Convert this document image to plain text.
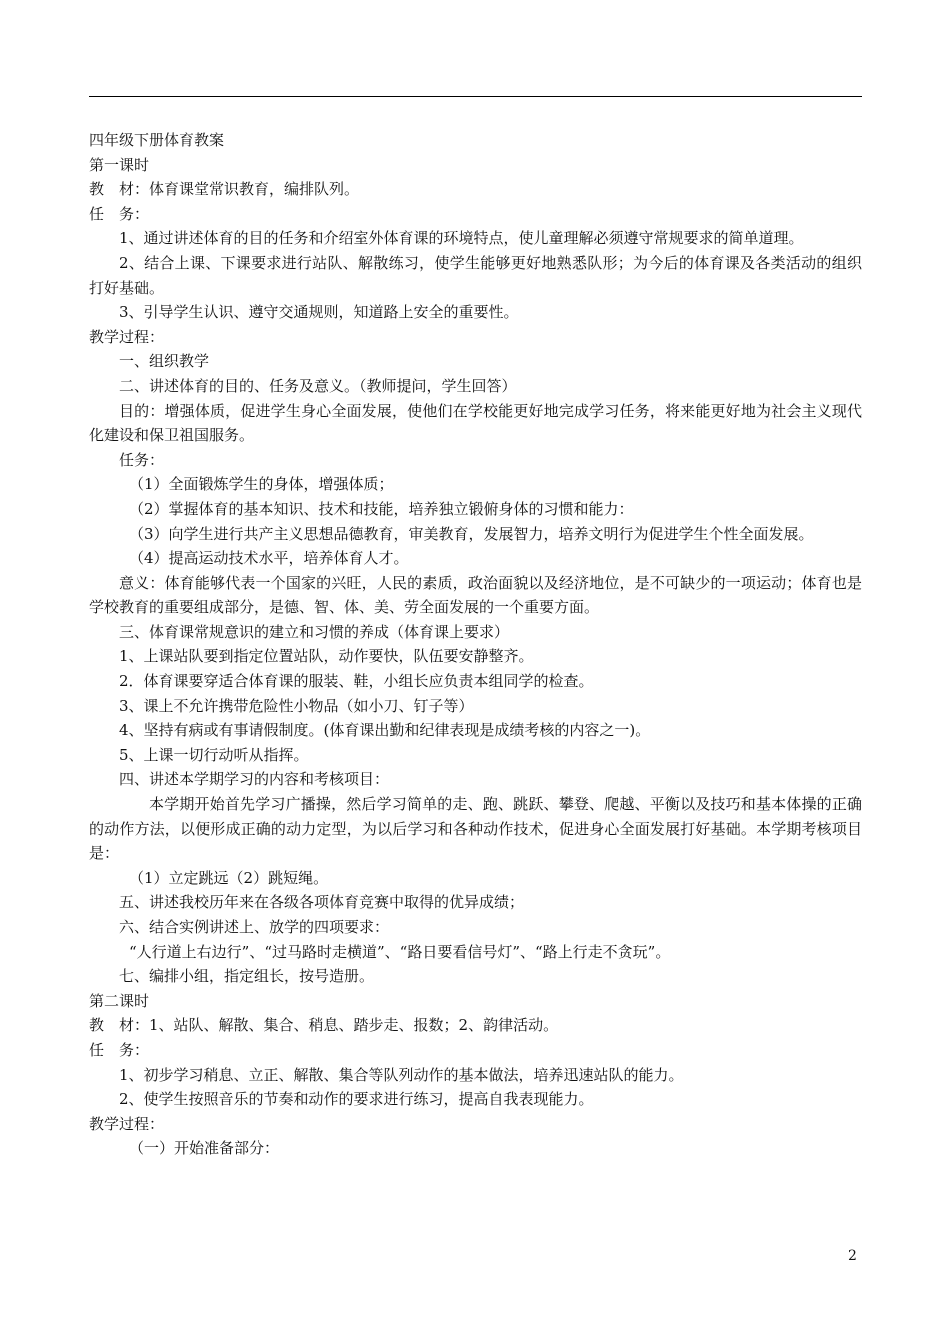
四年级下册体育教案

第一课时

教　材：体育课堂常识教育，编排队列。

任　务：

1、通过讲述体育的目的任务和介绍室外体育课的环境特点，使儿童理解必须遵守常规要求的简单道理。

2、结合上课、下课要求进行站队、解散练习，使学生能够更好地熟悉队形；为今后的体育课及各类活动的组织打好基础。

3、引导学生认识、遵守交通规则，知道路上安全的重要性。

教学过程：

一、组织教学

二、讲述体育的目的、任务及意义。（教师提问，学生回答）

目的：增强体质，促进学生身心全面发展，使他们在学校能更好地完成学习任务，将来能更好地为社会主义现代化建设和保卫祖国服务。

任务：

（1）全面锻炼学生的身体，增强体质；

（2）掌握体育的基本知识、技术和技能，培养独立锻俯身体的习惯和能力：

（3）向学生进行共产主义思想品德教育，审美教育，发展智力，培养文明行为促进学生个性全面发展。

（4）提高运动技术水平，培养体育人才。

意义：体育能够代表一个国家的兴旺，人民的素质，政治面貌以及经济地位，是不可缺少的一项运动；体育也是学校教育的重要组成部分，是德、智、体、美、劳全面发展的一个重要方面。

三、体育课常规意识的建立和习惯的养成（体育课上要求）

1、上课站队要到指定位置站队，动作要快，队伍要安静整齐。

2．体育课要穿适合体育课的服装、鞋，小组长应负责本组同学的检查。

3、课上不允许携带危险性小物品（如小刀、钉子等）

4、坚持有病或有事请假制度。(体育课出勤和纪律表现是成绩考核的内容之一)。

5、上课一切行动听从指挥。

四、讲述本学期学习的内容和考核项目：

本学期开始首先学习广播操，然后学习简单的走、跑、跳跃、攀登、爬越、平衡以及技巧和基本体操的正确的动作方法，以便形成正确的动力定型，为以后学习和各种动作技术，促进身心全面发展打好基础。本学期考核项目是：

（1）立定跳远（2）跳短绳。

五、讲述我校历年来在各级各项体育竞赛中取得的优异成绩；

六、结合实例讲述上、放学的四项要求：

“人行道上右边行”、“过马路时走横道”、“路日要看信号灯”、“路上行走不贪玩”。

七、编排小组，指定组长，按号造册。

第二课时

教　材：1、站队、解散、集合、稍息、踏步走、报数；2、韵律活动。

任　务：

1、初步学习稍息、立正、解散、集合等队列动作的基本做法，培养迅速站队的能力。

2、使学生按照音乐的节奏和动作的要求进行练习，提高自我表现能力。

教学过程：

（一）开始准备部分：

2
